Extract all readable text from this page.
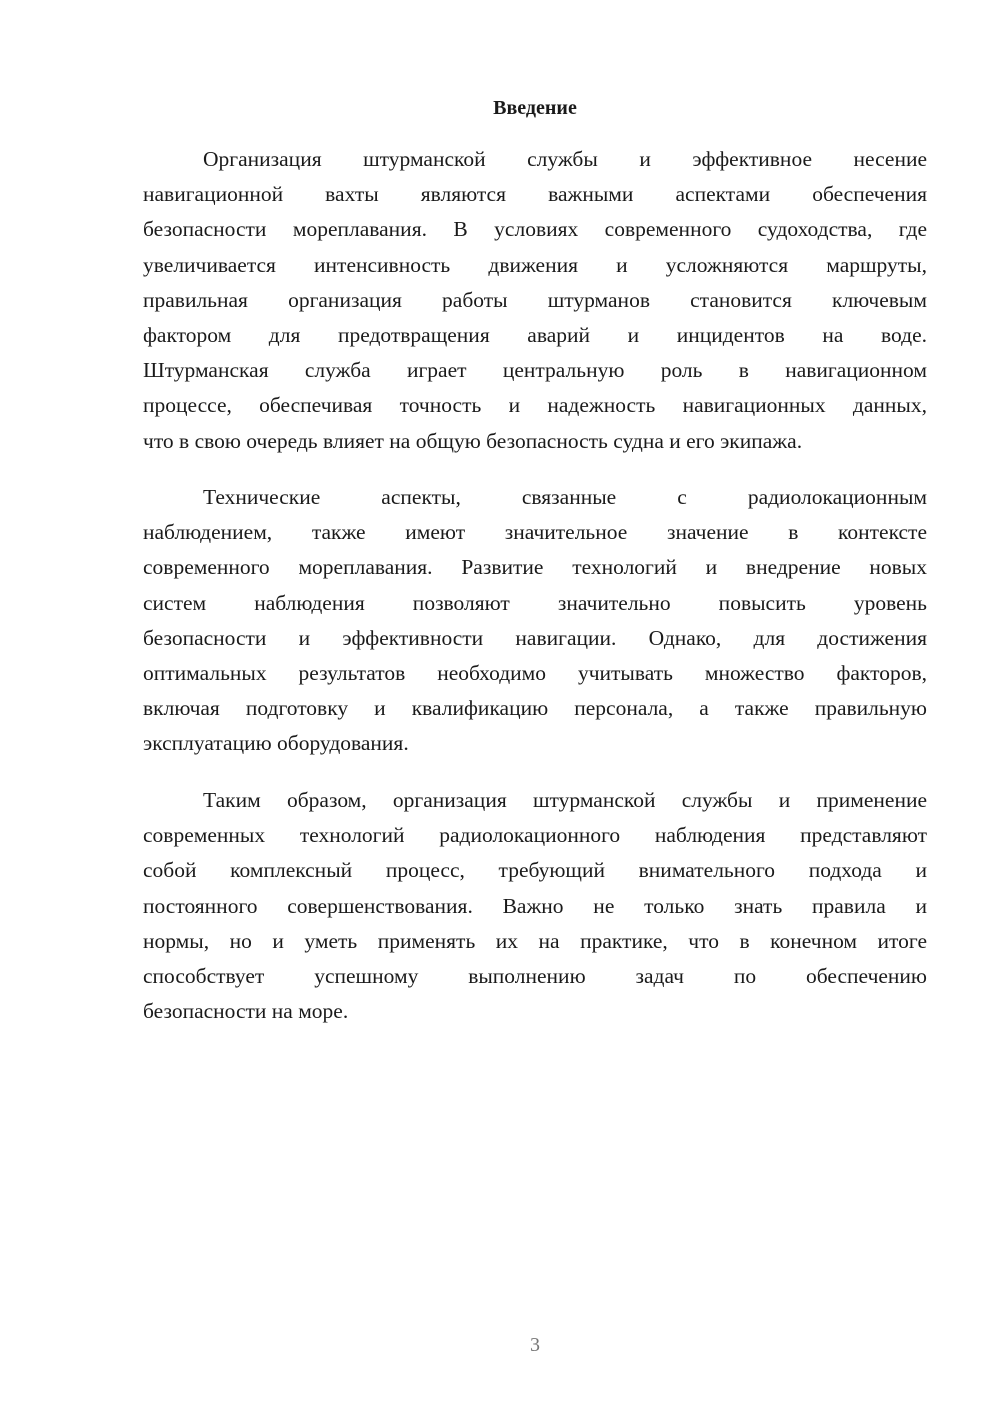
Введение
Организация штурманской службы и эффективное несение
навигационной вахты являются важными аспектами обеспечения
безопасности мореплавания. В условиях современного судоходства, где
увеличивается интенсивность движения и усложняются маршруты,
правильная организация работы штурманов становится ключевым
фактором для предотвращения аварий и инцидентов на воде.
Штурманская служба играет центральную роль в навигационном
процессе, обеспечивая точность и надежность навигационных данных,
что в свою очередь влияет на общую безопасность судна и его экипажа.
Технические аспекты, связанные с радиолокационным
наблюдением, также имеют значительное значение в контексте
современного мореплавания. Развитие технологий и внедрение новых
систем наблюдения позволяют значительно повысить уровень
безопасности и эффективности навигации. Однако, для достижения
оптимальных результатов необходимо учитывать множество факторов,
включая подготовку и квалификацию персонала, а также правильную
эксплуатацию оборудования.
Таким образом, организация штурманской службы и применение
современных технологий радиолокационного наблюдения представляют
собой комплексный процесс, требующий внимательного подхода и
постоянного совершенствования. Важно не только знать правила и
нормы, но и уметь применять их на практике, что в конечном итоге
способствует успешному выполнению задач по обеспечению
безопасности на море.
3
